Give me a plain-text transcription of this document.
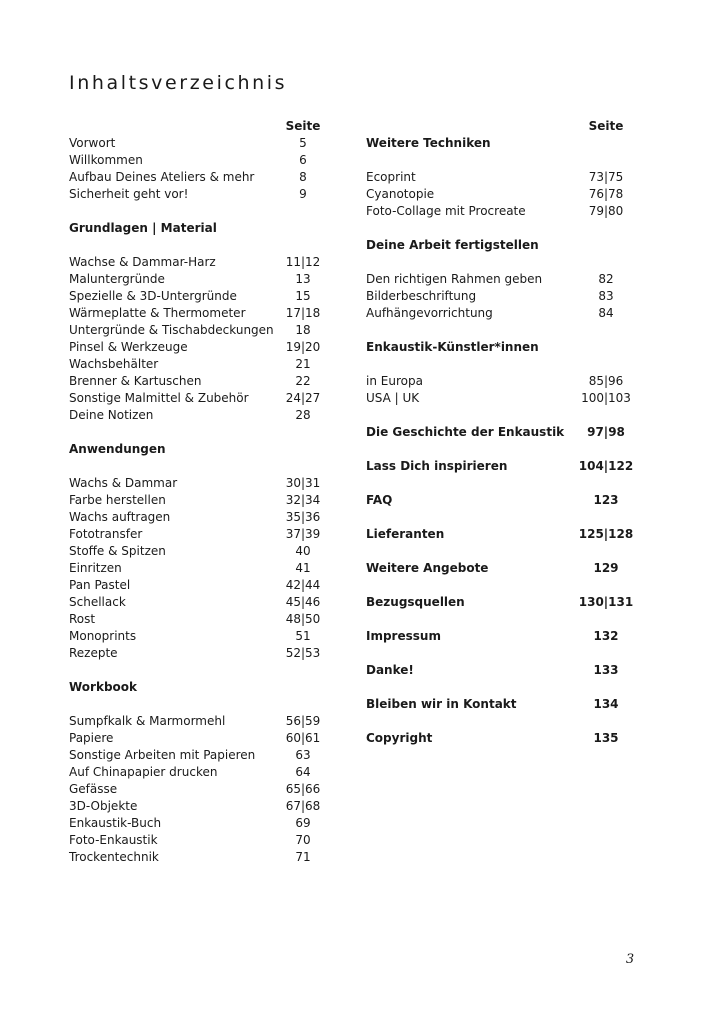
Inhaltsverzeichnis
Seite
Vorwort	5
Willkommen	6
Aufbau Deines Ateliers & mehr	8
Sicherheit geht vor!	9
Grundlagen | Material
Wachse & Dammar-Harz	11|12
Maluntergründe	13
Spezielle & 3D-Untergründe	15
Wärmeplatte & Thermometer	17|18
Untergründe & Tischabdeckungen	18
Pinsel & Werkzeuge	19|20
Wachsbehälter	21
Brenner & Kartuschen	22
Sonstige Malmittel & Zubehör	24|27
Deine Notizen	28
Anwendungen
Wachs & Dammar	30|31
Farbe herstellen	32|34
Wachs auftragen	35|36
Fototransfer	37|39
Stoffe & Spitzen	40
Einritzen	41
Pan Pastel	42|44
Schellack	45|46
Rost	48|50
Monoprints	51
Rezepte	52|53
Workbook
Sumpfkalk & Marmormehl	56|59
Papiere	60|61
Sonstige Arbeiten mit Papieren	63
Auf Chinapapier drucken	64
Gefässe	65|66
3D-Objekte	67|68
Enkaustik-Buch	69
Foto-Enkaustik	70
Trockentechnik	71
Seite
Weitere Techniken
Ecoprint	73|75
Cyanotopie	76|78
Foto-Collage mit Procreate	79|80
Deine Arbeit fertigstellen
Den richtigen Rahmen geben	82
Bilderbeschriftung	83
Aufhängevorrichtung	84
Enkaustik-Künstler*innen
in Europa	85|96
USA | UK	100|103
Die Geschichte der Enkaustik	97|98
Lass Dich inspirieren	104|122
FAQ	123
Lieferanten	125|128
Weitere Angebote	129
Bezugsquellen	130|131
Impressum	132
Danke!	133
Bleiben wir in Kontakt	134
Copyright	135
3
